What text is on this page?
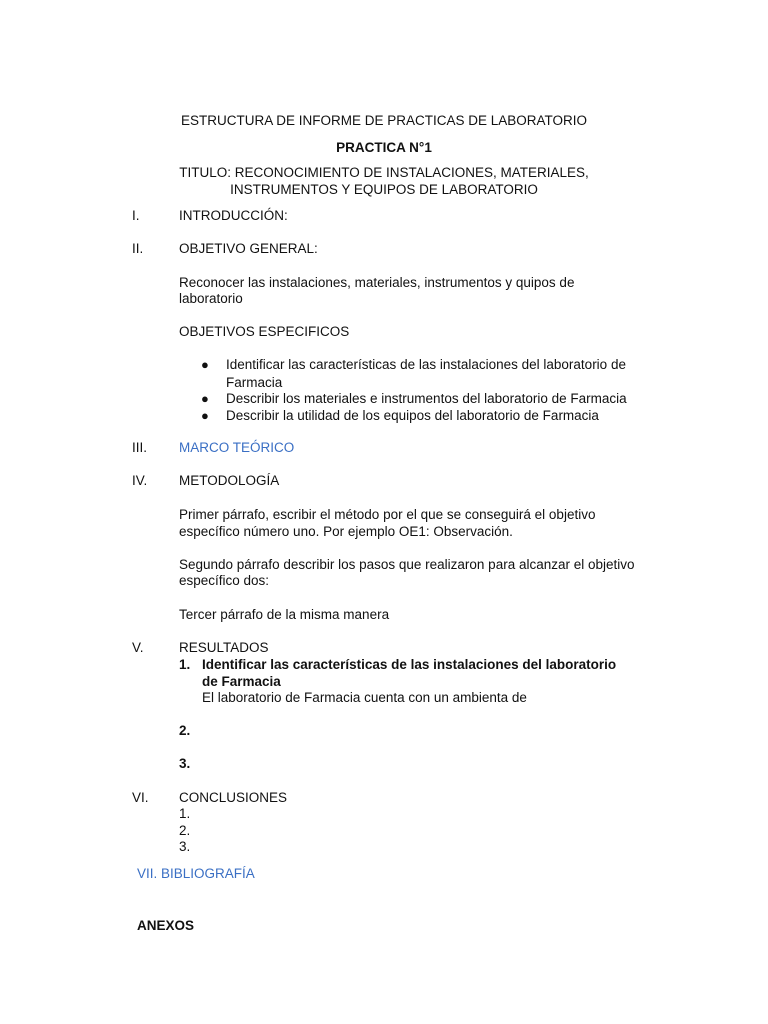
ESTRUCTURA DE INFORME DE PRACTICAS DE LABORATORIO
PRACTICA N°1
TITULO: RECONOCIMIENTO DE INSTALACIONES, MATERIALES,
INSTRUMENTOS Y EQUIPOS DE LABORATORIO
I.	INTRODUCCIÓN:
II.	OBJETIVO GENERAL:
Reconocer las instalaciones, materiales, instrumentos y quipos de
laboratorio
OBJETIVOS ESPECIFICOS
● Identificar las características de las instalaciones del laboratorio de
Farmacia
● Describir los materiales e instrumentos del laboratorio de Farmacia
● Describir la utilidad de los equipos del laboratorio de Farmacia
III. MARCO TEÓRICO
IV. METODOLOGÍA
Primer párrafo, escribir el método por el que se conseguirá el objetivo
específico número uno. Por ejemplo OE1: Observación.
Segundo párrafo describir los pasos que realizaron para alcanzar el objetivo
específico dos:
Tercer párrafo de la misma manera
V.	RESULTADOS
1. Identificar las características de las instalaciones del laboratorio
de Farmacia
El laboratorio de Farmacia cuenta con un ambienta de
2.
3.
VI. CONCLUSIONES
1.
2.
3.
VII. BIBLIOGRAFÍA
ANEXOS
